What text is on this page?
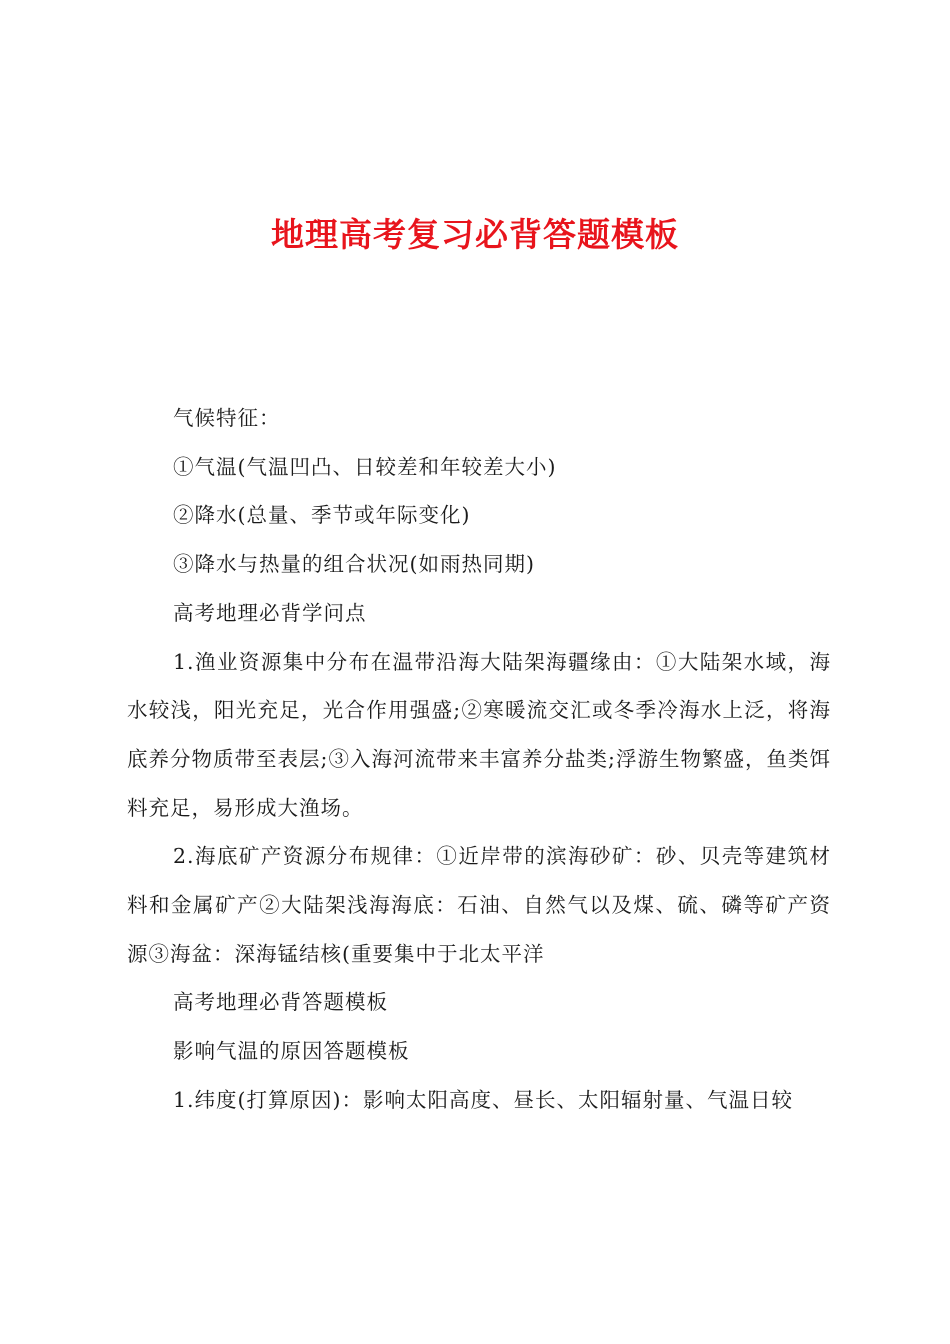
地理高考复习必背答题模板

气候特征：

①气温(气温凹凸、日较差和年较差大小)

②降水(总量、季节或年际变化)

③降水与热量的组合状况(如雨热同期)

高考地理必背学问点

1.渔业资源集中分布在温带沿海大陆架海疆缘由：①大陆架水域，海水较浅，阳光充足，光合作用强盛;②寒暖流交汇或冬季冷海水上泛，将海底养分物质带至表层;③入海河流带来丰富养分盐类;浮游生物繁盛，鱼类饵料充足，易形成大渔场。

2.海底矿产资源分布规律：①近岸带的滨海砂矿：砂、贝壳等建筑材料和金属矿产②大陆架浅海海底：石油、自然气以及煤、硫、磷等矿产资源③海盆：深海锰结核(重要集中于北太平洋

高考地理必背答题模板

影响气温的原因答题模板

1.纬度(打算原因)：影响太阳高度、昼长、太阳辐射量、气温日较
